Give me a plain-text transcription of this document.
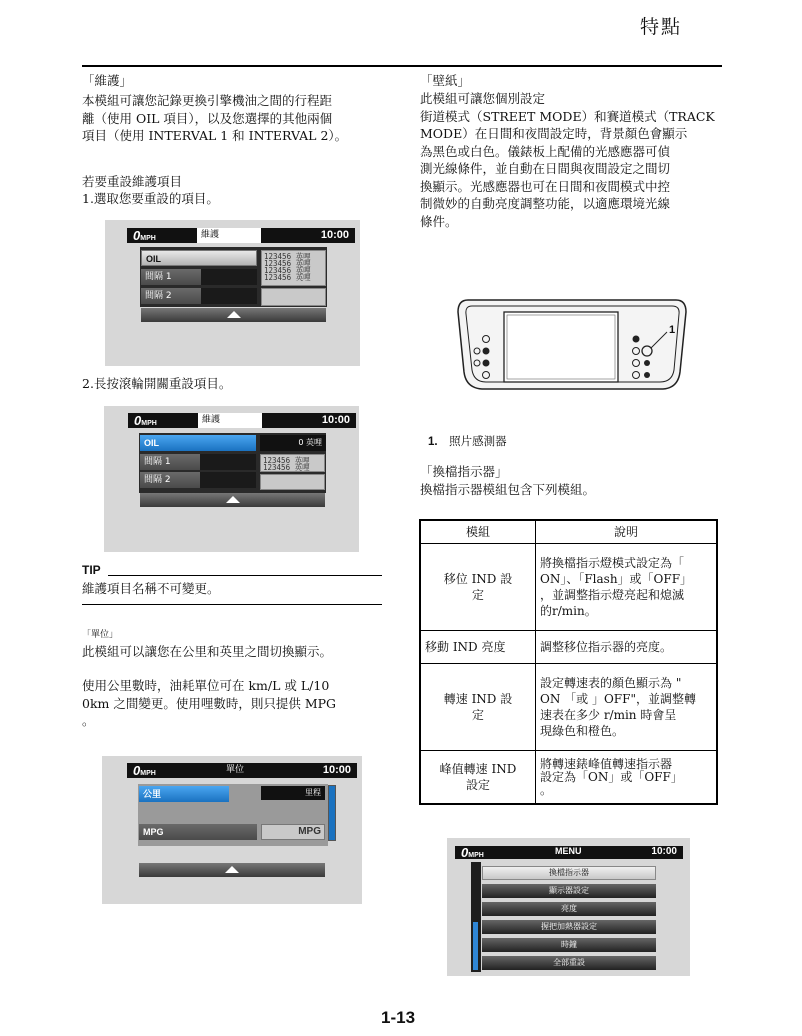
特點
「維護」
本模組可讓您記錄更換引擎機油之間的行程距
離（使用 OIL 項目），以及您選擇的其他兩個
項目（使用 INTERVAL 1 和 INTERVAL 2）。
若要重設維護項目
1.選取您要重設的項目。
0MPH	維護	10:00
OIL
間隔 1
間隔 2
123456 英哩
123456 英哩
123456 英哩
123456 英哩
2.長按滾輪開關重設項目。
0MPH	維護	10:00
OIL
間隔 1
間隔 2
0 英哩
123456 英哩
123456 英哩
TIP
維護項目名稱不可變更。
「單位」
此模組可以讓您在公里和英里之間切換顯示。
使用公里數時，油耗單位可在 km/L 或 L/10
0km 之間變更。使用哩數時，則只提供 MPG
。
0MPH	單位	10:00
公里	里程
MPG	MPG
「壁紙」
此模組可讓您個別設定
街道模式（STREET MODE）和賽道模式（TRACK
MODE）在日間和夜間設定時，背景顏色會顯示
為黑色或白色。儀錶板上配備的光感應器可偵
測光線條件，並自動在日間與夜間設定之間切
換顯示。光感應器也可在日間和夜間模式中控
制微妙的自動亮度調整功能，以適應環境光線
條件。
1
1.　 照片感測器
「換檔指示器」
換檔指示器模組包含下列模組。
模組	說明
移位 IND 設
定	將換檔指示燈模式設定為「
ON」、「Flash」或「OFF」
，並調整指示燈亮起和熄滅
的r/min。
移動 IND 亮度	調整移位指示器的亮度。
轉速 IND 設
定	設定轉速表的顏色顯示為 "
ON 「或 」OFF"，並調整轉
速表在多少 r/min 時會呈
現綠色和橙色。
峰值轉速 IND
設定	將轉速錶峰值轉速指示器
設定為「ON」或「OFF」
。
0MPH	MENU	10:00
換檔指示器
顯示器設定
亮度
握把加熱器設定
時鐘
全部重設
1-13
